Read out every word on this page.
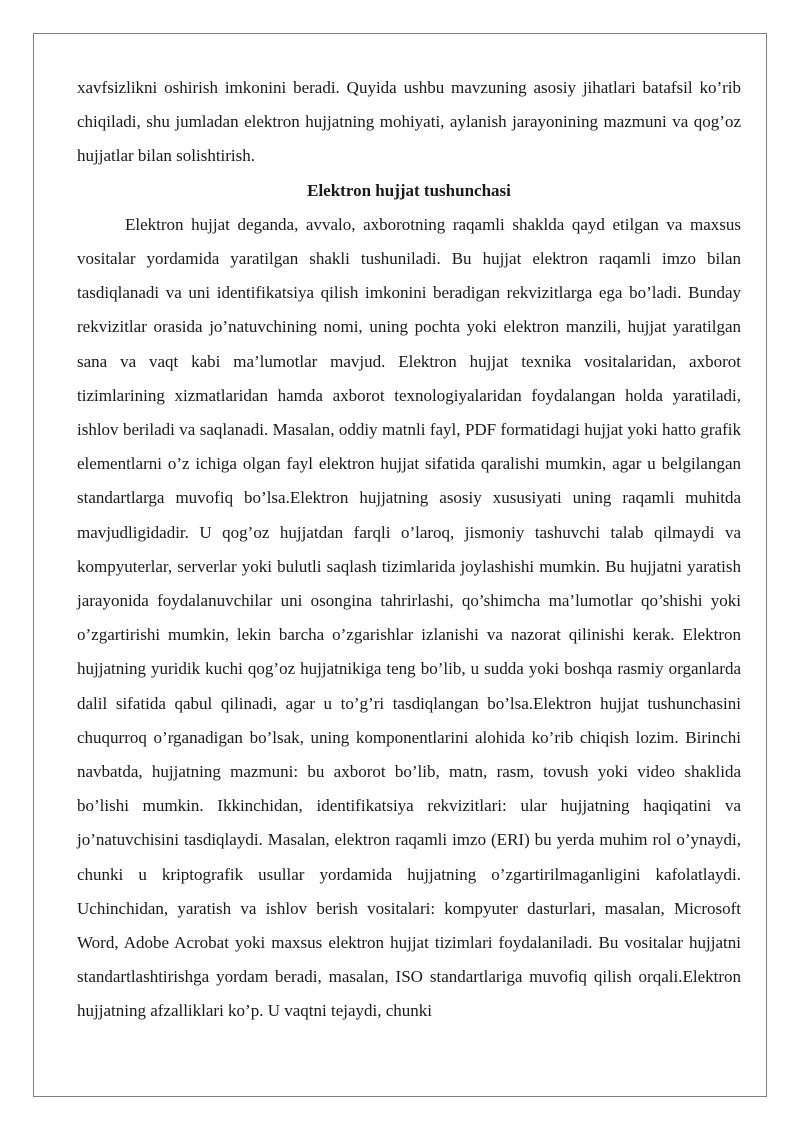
xavfsizlikni oshirish imkonini beradi. Quyida ushbu mavzuning asosiy jihatlari batafsil ko’rib chiqiladi, shu jumladan elektron hujjatning mohiyati, aylanish jarayonining mazmuni va qog’oz hujjatlar bilan solishtirish.

Elektron hujjat tushunchasi

Elektron hujjat deganda, avvalo, axborotning raqamli shaklda qayd etilgan va maxsus vositalar yordamida yaratilgan shakli tushuniladi. Bu hujjat elektron raqamli imzo bilan tasdiqlanadi va uni identifikatsiya qilish imkonini beradigan rekvizitlarga ega bo’ladi. Bunday rekvizitlar orasida jo’natuvchining nomi, uning pochta yoki elektron manzili, hujjat yaratilgan sana va vaqt kabi ma’lumotlar mavjud. Elektron hujjat texnika vositalaridan, axborot tizimlarining xizmatlaridan hamda axborot texnologiyalaridan foydalangan holda yaratiladi, ishlov beriladi va saqlanadi. Masalan, oddiy matnli fayl, PDF formatidagi hujjat yoki hatto grafik elementlarni o’z ichiga olgan fayl elektron hujjat sifatida qaralishi mumkin, agar u belgilangan standartlarga muvofiq bo’lsa.Elektron hujjatning asosiy xususiyati uning raqamli muhitda mavjudligidadir. U qog’oz hujjatdan farqli o’laroq, jismoniy tashuvchi talab qilmaydi va kompyuterlar, serverlar yoki bulutli saqlash tizimlarida joylashishi mumkin. Bu hujjatni yaratish jarayonida foydalanuvchilar uni osongina tahrirlashi, qo’shimcha ma’lumotlar qo’shishi yoki o’zgartirishi mumkin, lekin barcha o’zgarishlar izlanishi va nazorat qilinishi kerak. Elektron hujjatning yuridik kuchi qog’oz hujjatnikiga teng bo’lib, u sudda yoki boshqa rasmiy organlarda dalil sifatida qabul qilinadi, agar u to’g’ri tasdiqlangan bo’lsa.Elektron hujjat tushunchasini chuqurroq o’rganadigan bo’lsak, uning komponentlarini alohida ko’rib chiqish lozim. Birinchi navbatda, hujjatning mazmuni: bu axborot bo’lib, matn, rasm, tovush yoki video shaklida bo’lishi mumkin. Ikkinchidan, identifikatsiya rekvizitlari: ular hujjatning haqiqatini va jo’natuvchisini tasdiqlaydi. Masalan, elektron raqamli imzo (ERI) bu yerda muhim rol o’ynaydi, chunki u kriptografik usullar yordamida hujjatning o’zgartirilmaganligini kafolatlaydi. Uchinchidan, yaratish va ishlov berish vositalari: kompyuter dasturlari, masalan, Microsoft Word, Adobe Acrobat yoki maxsus elektron hujjat tizimlari foydalaniladi. Bu vositalar hujjatni standartlashtirishga yordam beradi, masalan, ISO standartlariga muvofiq qilish orqali.Elektron hujjatning afzalliklari ko’p. U vaqtni tejaydi, chunki
